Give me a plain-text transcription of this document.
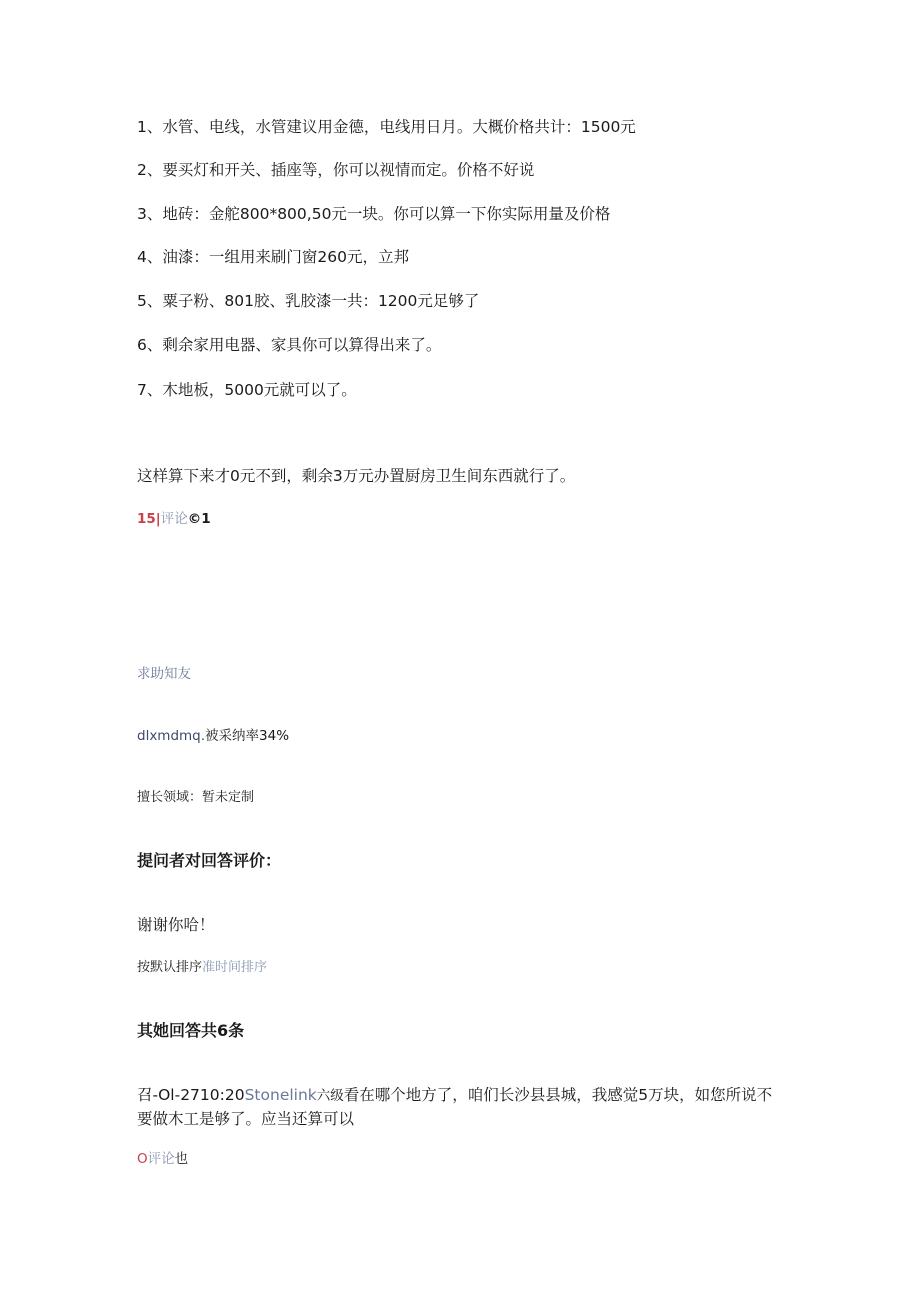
1、水管、电线，水管建议用金德，电线用日月。大概价格共计：1500元
2、要买灯和开关、插座等，你可以视情而定。价格不好说
3、地砖：金舵800*800,50元一块。你可以算一下你实际用量及价格
4、油漆：一组用来刷门窗260元，立邦
5、粟子粉、801胶、乳胶漆一共：1200元足够了
6、剩余家用电器、家具你可以算得出来了。
7、木地板，5000元就可以了。
这样算下来才0元不到，剩余3万元办置厨房卫生间东西就行了。
15|评论©1
求助知友
dlxmdmq.被采纳率34%
擅长领域：暂未定制
提问者对回答评价：
谢谢你哈！
按默认排序准时间排序
其她回答共6条
召-Ol-2710:20Stonelink六级看在哪个地方了，咱们长沙县县城，我感觉5万块，如您所说不要做木工是够了。应当还算可以
O评论也
